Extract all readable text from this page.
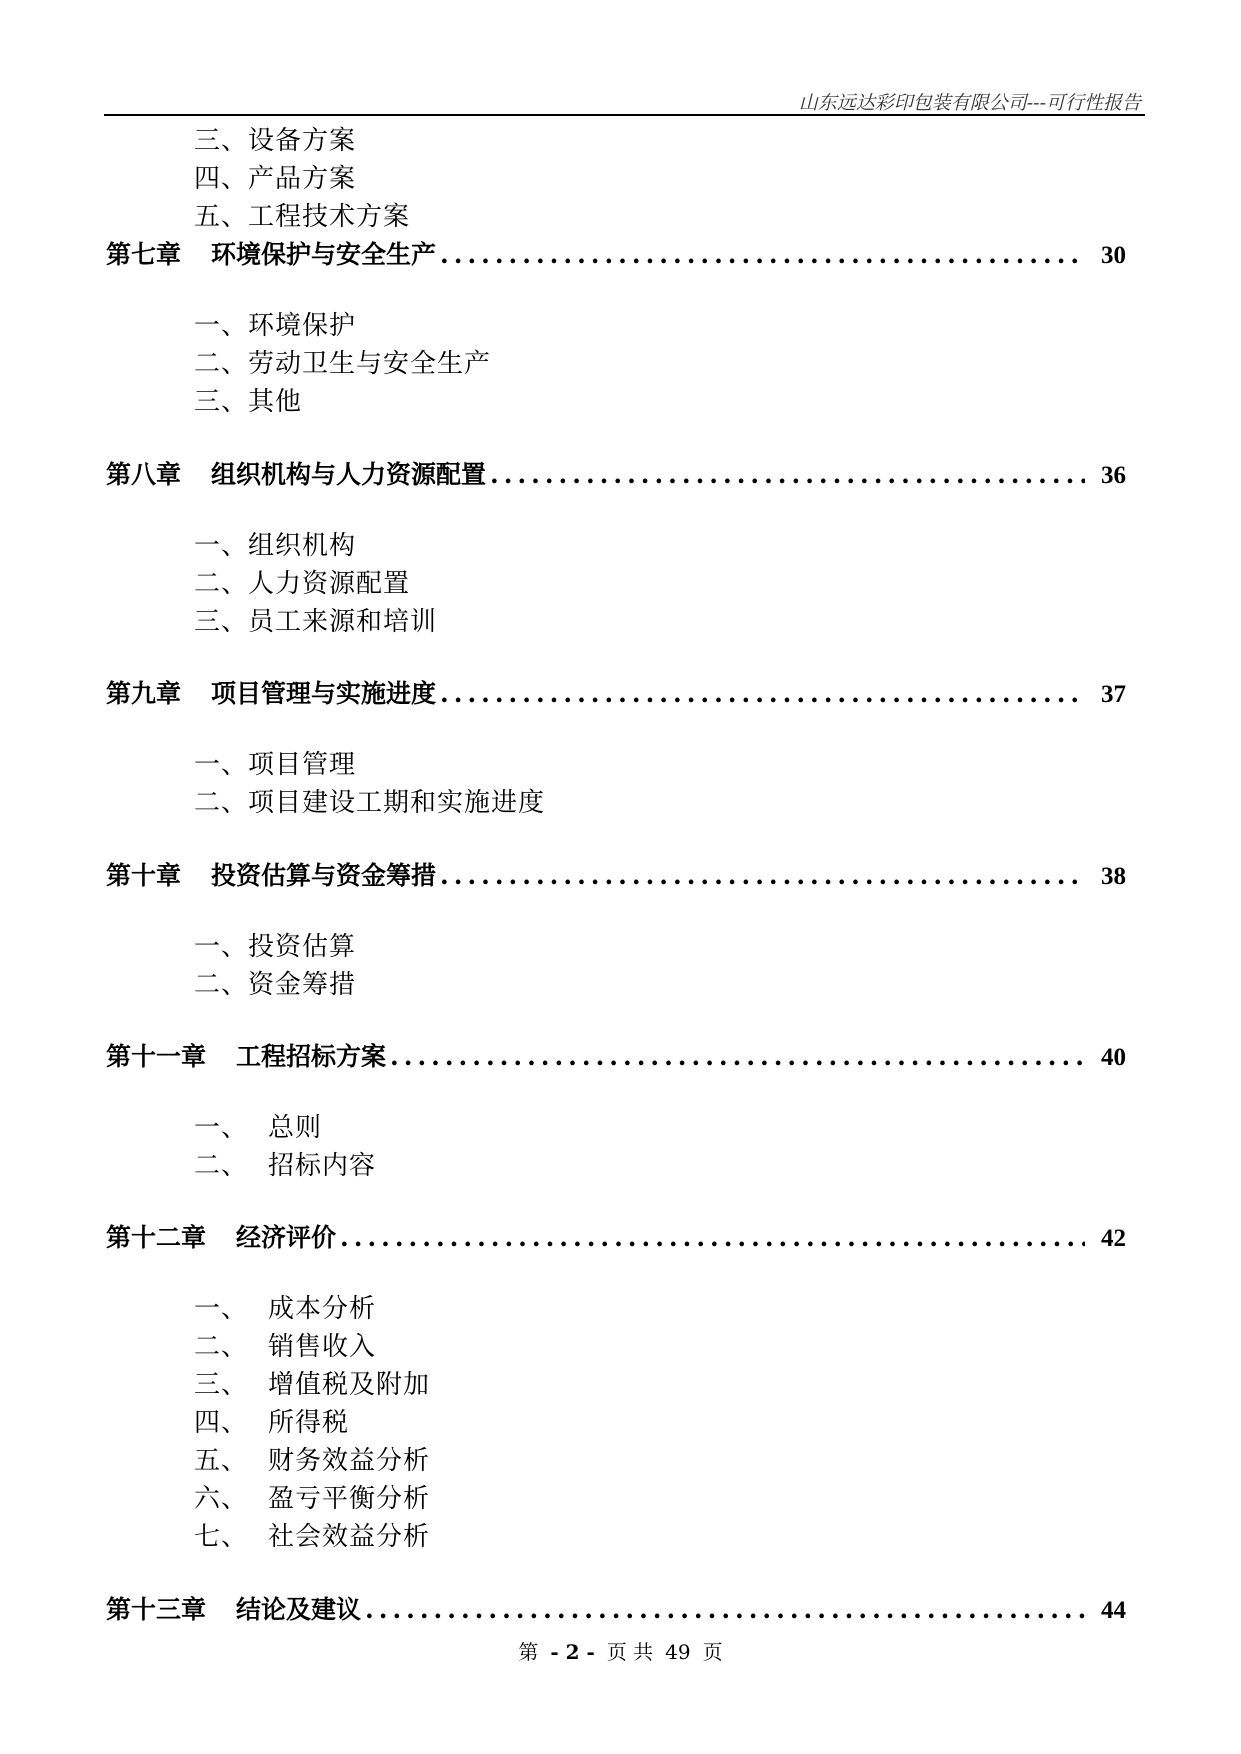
山东远达彩印包装有限公司---可行性报告
三、设备方案
四、产品方案
五、工程技术方案
第七章 环境保护与安全生产 .....	30
一、环境保护
二、劳动卫生与安全生产
三、其他
第八章 组织机构与人力资源配置 .....	36
一、组织机构
二、人力资源配置
三、员工来源和培训
第九章 项目管理与实施进度 .....	37
一、项目管理
二、项目建设工期和实施进度
第十章 投资估算与资金筹措 .....	38
一、投资估算
二、资金筹措
第十一章 工程招标方案 .....	40
一、 总则
二、 招标内容
第十二章 经济评价 .....	42
一、 成本分析
二、 销售收入
三、 增值税及附加
四、 所得税
五、 财务效益分析
六、 盈亏平衡分析
七、 社会效益分析
第十三章 结论及建议 .....	44
第 - 2 - 页 共 49 页
